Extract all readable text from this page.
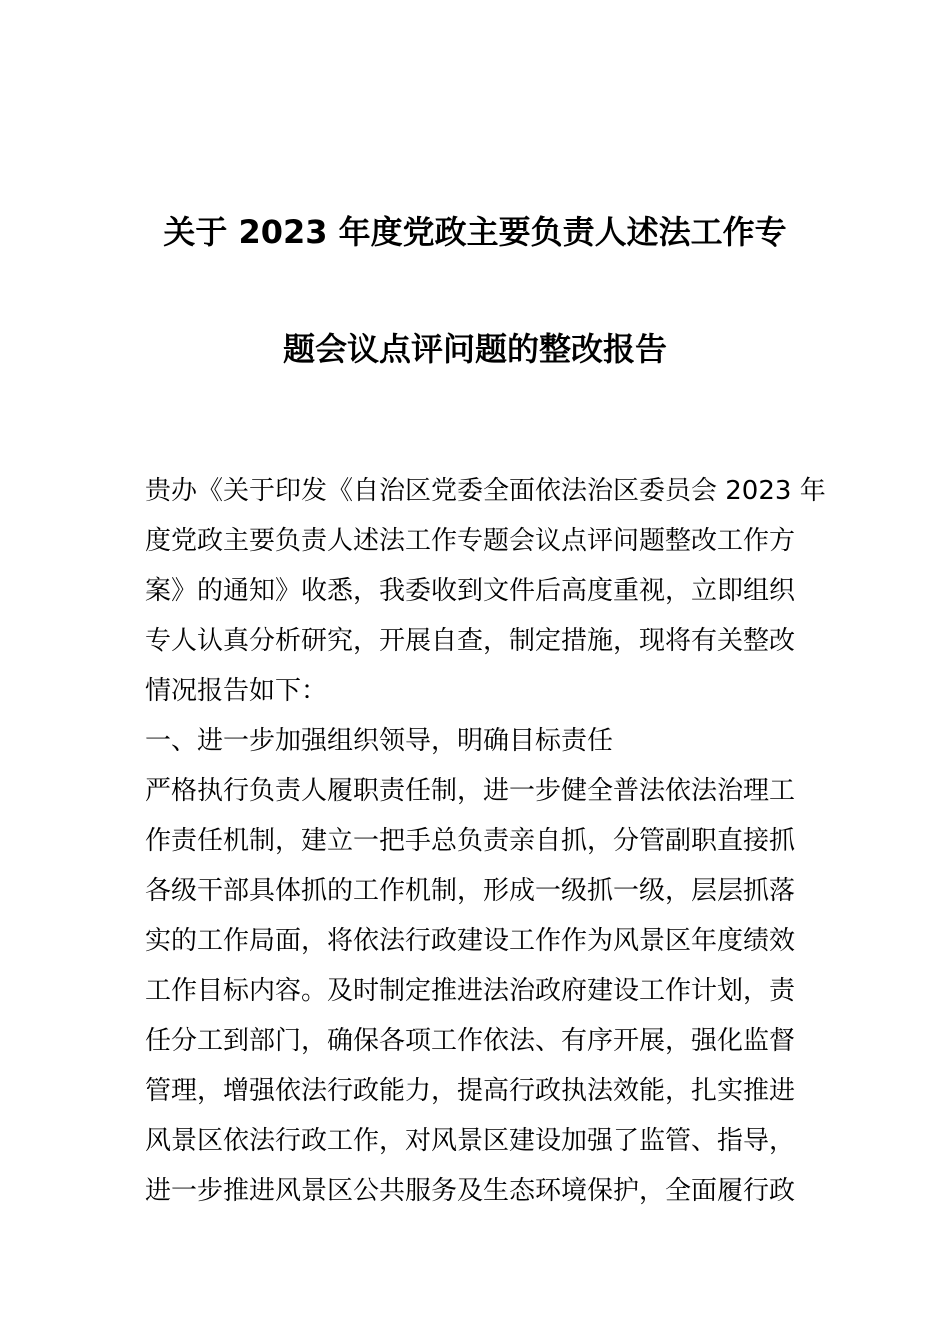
关于 2023 年度党政主要负责人述法工作专
题会议点评问题的整改报告
贵办《关于印发《自治区党委全面依法治区委员会 2023 年
度党政主要负责人述法工作专题会议点评问题整改工作方
案》的通知》收悉，我委收到文件后高度重视，立即组织
专人认真分析研究，开展自查，制定措施，现将有关整改
情况报告如下：
一、进一步加强组织领导，明确目标责任
严格执行负责人履职责任制，进一步健全普法依法治理工
作责任机制，建立一把手总负责亲自抓，分管副职直接抓
各级干部具体抓的工作机制，形成一级抓一级，层层抓落
实的工作局面，将依法行政建设工作作为风景区年度绩效
工作目标内容。及时制定推进法治政府建设工作计划，责
任分工到部门，确保各项工作依法、有序开展，强化监督
管理，增强依法行政能力，提高行政执法效能，扎实推进
风景区依法行政工作，对风景区建设加强了监管、指导，
进一步推进风景区公共服务及生态环境保护，全面履行政
